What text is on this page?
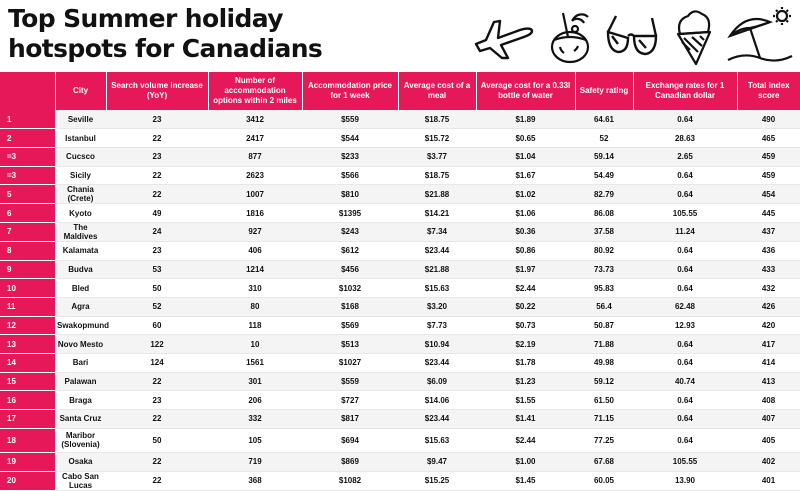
Top Summer holiday
hotspots for Canadians
	City	Search volume increase (YoY)	Number of accommodation options within 2 miles	Accommodation price for 1 week	Average cost of a meal	Average cost for a 0.33l bottle of water	Safety rating	Exchange rates for 1 Canadian dollar	Total index score
1	Seville	23	3412	$559	$18.75	$1.89	64.61	0.64	490
2	Istanbul	22	2417	$544	$15.72	$0.65	52	28.63	465
=3	Cucsco	23	877	$233	$3.77	$1.04	59.14	2.65	459
=3	Sicily	22	2623	$566	$18.75	$1.67	54.49	0.64	459
5	Chania (Crete)	22	1007	$810	$21.88	$1.02	82.79	0.64	454
6	Kyoto	49	1816	$1395	$14.21	$1.06	86.08	105.55	445
7	The Maldives	24	927	$243	$7.34	$0.36	37.58	11.24	437
8	Kalamata	23	406	$612	$23.44	$0.86	80.92	0.64	436
9	Budva	53	1214	$456	$21.88	$1.97	73.73	0.64	433
10	Bled	50	310	$1032	$15.63	$2.44	95.83	0.64	432
11	Agra	52	80	$168	$3.20	$0.22	56.4	62.48	426
12	Swakopmund	60	118	$569	$7.73	$0.73	50.87	12.93	420
13	Novo Mesto	122	10	$513	$10.94	$2.19	71.88	0.64	417
14	Bari	124	1561	$1027	$23.44	$1.78	49.98	0.64	414
15	Palawan	22	301	$559	$6.09	$1.23	59.12	40.74	413
16	Braga	23	206	$727	$14.06	$1.55	61.50	0.64	408
17	Santa Cruz	22	332	$817	$23.44	$1.41	71.15	0.64	407
18	Maribor (Slovenia)	50	105	$694	$15.63	$2.44	77.25	0.64	405
19	Osaka	22	719	$869	$9.47	$1.00	67.68	105.55	402
20	Cabo San Lucas	22	368	$1082	$15.25	$1.45	60.05	13.90	401
